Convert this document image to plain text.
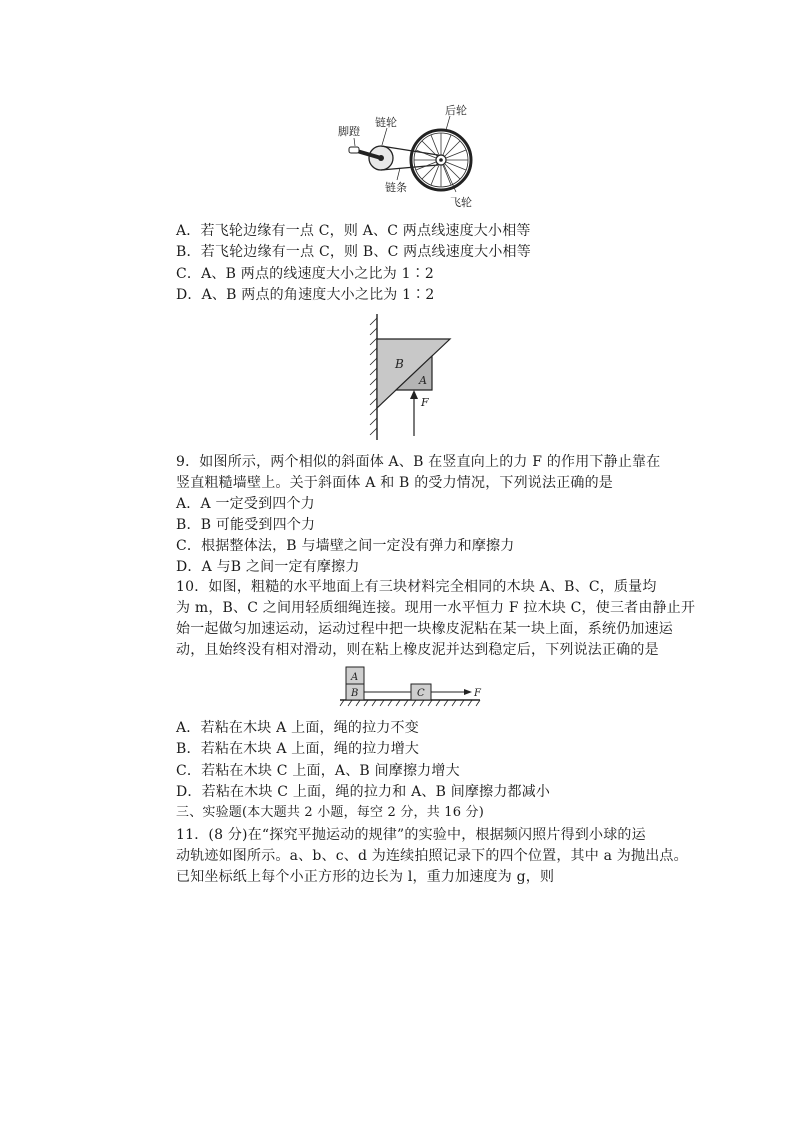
脚蹬
链轮
后轮
链条
飞轮
A．若飞轮边缘有一点 C，则 A、C 两点线速度大小相等
B．若飞轮边缘有一点 C，则 B、C 两点线速度大小相等
C．A、B 两点的线速度大小之比为 1∶2
D．A、B 两点的角速度大小之比为 1∶2
B
A
F
9．如图所示，两个相似的斜面体 A、B 在竖直向上的力 F 的作用下静止靠在
竖直粗糙墙壁上。关于斜面体 A 和 B 的受力情况，下列说法正确的是
A．A 一定受到四个力
B．B 可能受到四个力
C．根据整体法，B 与墙壁之间一定没有弹力和摩擦力
D．A 与B 之间一定有摩擦力
10．如图，粗糙的水平地面上有三块材料完全相同的木块 A、B、C，质量均
为 m，B、C 之间用轻质细绳连接。现用一水平恒力 F 拉木块 C，使三者由静止开
始一起做匀加速运动，运动过程中把一块橡皮泥粘在某一块上面，系统仍加速运
动，且始终没有相对滑动，则在粘上橡皮泥并达到稳定后，下列说法正确的是
A
B	C	F
A．若粘在木块 A 上面，绳的拉力不变
B．若粘在木块 A 上面，绳的拉力增大
C．若粘在木块 C 上面，A、B 间摩擦力增大
D．若粘在木块 C 上面，绳的拉力和 A、B 间摩擦力都减小
三、实验题(本大题共 2 小题，每空 2 分，共 16 分)
11．(8 分)在“探究平抛运动的规律”的实验中，根据频闪照片得到小球的运
动轨迹如图所示。a、b、c、d 为连续拍照记录下的四个位置，其中 a 为抛出点。
已知坐标纸上每个小正方形的边长为 l，重力加速度为 g，则
